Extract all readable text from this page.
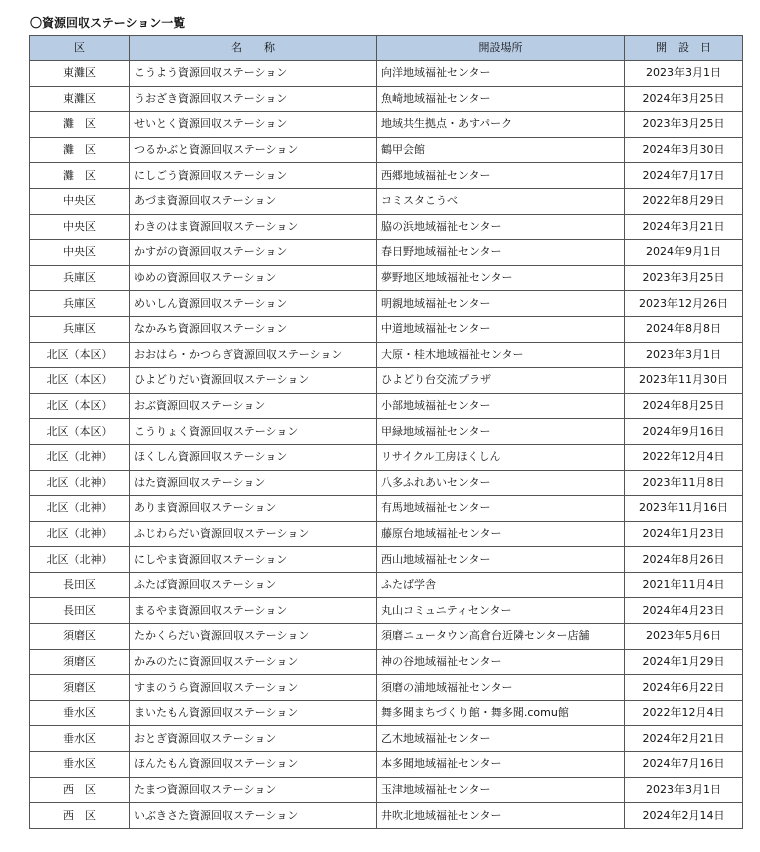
〇資源回収ステーション一覧
区	名　　称	開設場所	開　設　日
東灘区	こうよう資源回収ステーション	向洋地域福祉センター	2023年3月1日
東灘区	うおざき資源回収ステーション	魚崎地域福祉センター	2024年3月25日
灘　区	せいとく資源回収ステーション	地域共生拠点・あすパーク	2023年3月25日
灘　区	つるかぶと資源回収ステーション	鶴甲会館	2024年3月30日
灘　区	にしごう資源回収ステーション	西郷地域福祉センター	2024年7月17日
中央区	あづま資源回収ステーション	コミスタこうべ	2022年8月29日
中央区	わきのはま資源回収ステーション	脇の浜地域福祉センター	2024年3月21日
中央区	かすがの資源回収ステーション	春日野地域福祉センター	2024年9月1日
兵庫区	ゆめの資源回収ステーション	夢野地区地域福祉センター	2023年3月25日
兵庫区	めいしん資源回収ステーション	明親地域福祉センター	2023年12月26日
兵庫区	なかみち資源回収ステーション	中道地域福祉センター	2024年8月8日
北区（本区）	おおはら・かつらぎ資源回収ステーション	大原・桂木地域福祉センター	2023年3月1日
北区（本区）	ひよどりだい資源回収ステーション	ひよどり台交流プラザ	2023年11月30日
北区（本区）	おぶ資源回収ステーション	小部地域福祉センター	2024年8月25日
北区（本区）	こうりょく資源回収ステーション	甲緑地域福祉センター	2024年9月16日
北区（北神）	ほくしん資源回収ステーション	リサイクル工房ほくしん	2022年12月4日
北区（北神）	はた資源回収ステーション	八多ふれあいセンター	2023年11月8日
北区（北神）	ありま資源回収ステーション	有馬地域福祉センター	2023年11月16日
北区（北神）	ふじわらだい資源回収ステーション	藤原台地域福祉センター	2024年1月23日
北区（北神）	にしやま資源回収ステーション	西山地域福祉センター	2024年8月26日
長田区	ふたば資源回収ステーション	ふたば学舎	2021年11月4日
長田区	まるやま資源回収ステーション	丸山コミュニティセンター	2024年4月23日
須磨区	たかくらだい資源回収ステーション	須磨ニュータウン高倉台近隣センター店舗	2023年5月6日
須磨区	かみのたに資源回収ステーション	神の谷地域福祉センター	2024年1月29日
須磨区	すまのうら資源回収ステーション	須磨の浦地域福祉センター	2024年6月22日
垂水区	まいたもん資源回収ステーション	舞多聞まちづくり館・舞多聞.comu館	2022年12月4日
垂水区	おとぎ資源回収ステーション	乙木地域福祉センター	2024年2月21日
垂水区	ほんたもん資源回収ステーション	本多聞地域福祉センター	2024年7月16日
西　区	たまつ資源回収ステーション	玉津地域福祉センター	2023年3月1日
西　区	いぶきさた資源回収ステーション	井吹北地域福祉センター	2024年2月14日
